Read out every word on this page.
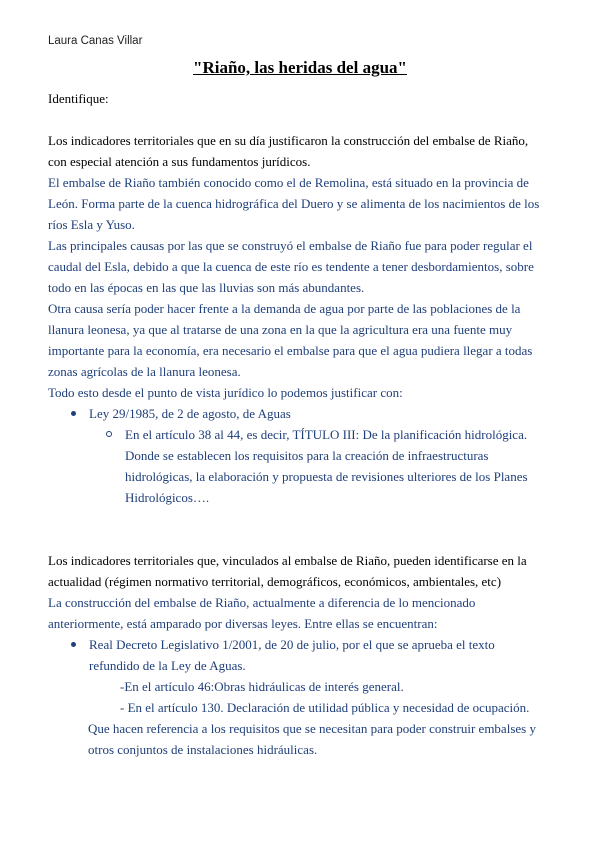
Laura Canas Villar
"Riaño, las heridas del agua"

Identifique:

Los indicadores territoriales que en su día justificaron la construcción del embalse de Riaño, con especial atención a sus fundamentos jurídicos.

El embalse de Riaño también conocido como el de Remolina, está situado en la provincia de León. Forma parte de la cuenca hidrográfica del Duero y se alimenta de los nacimientos de los ríos Esla y Yuso.

Las principales causas por las que se construyó el embalse de Riaño fue para poder regular el caudal del Esla, debido a que la cuenca de este río es tendente a tener desbordamientos, sobre todo en las épocas en las que las lluvias son más abundantes.

Otra causa sería poder hacer frente a la demanda de agua por parte de las poblaciones de la llanura leonesa, ya que al tratarse de una zona en la que la agricultura era una fuente muy importante para la economía, era necesario el embalse para que el agua pudiera llegar a todas zonas agrícolas de la llanura leonesa.

Todo esto desde el punto de vista jurídico lo podemos justificar con:

Ley 29/1985, de 2 de agosto, de Aguas
En el artículo 38 al 44, es decir, TÍTULO III: De la planificación hidrológica. Donde se establecen los requisitos para la creación de infraestructuras hidrológicas, la elaboración y propuesta de revisiones ulteriores de los Planes Hidrológicos….

Los indicadores territoriales que, vinculados al embalse de Riaño, pueden identificarse en la actualidad (régimen normativo territorial, demográficos, económicos, ambientales, etc)

La construcción del embalse de Riaño, actualmente a diferencia de lo mencionado anteriormente, está amparado por diversas leyes. Entre ellas se encuentran:

Real Decreto Legislativo 1/2001, de 20 de julio, por el que se aprueba el texto refundido de la Ley de Aguas.

-En el artículo 46:Obras hidráulicas de interés general.

- En el artículo 130. Declaración de utilidad pública y necesidad de ocupación.

Que hacen referencia a los requisitos que se necesitan para poder construir embalses y otros conjuntos de instalaciones hidráulicas.
